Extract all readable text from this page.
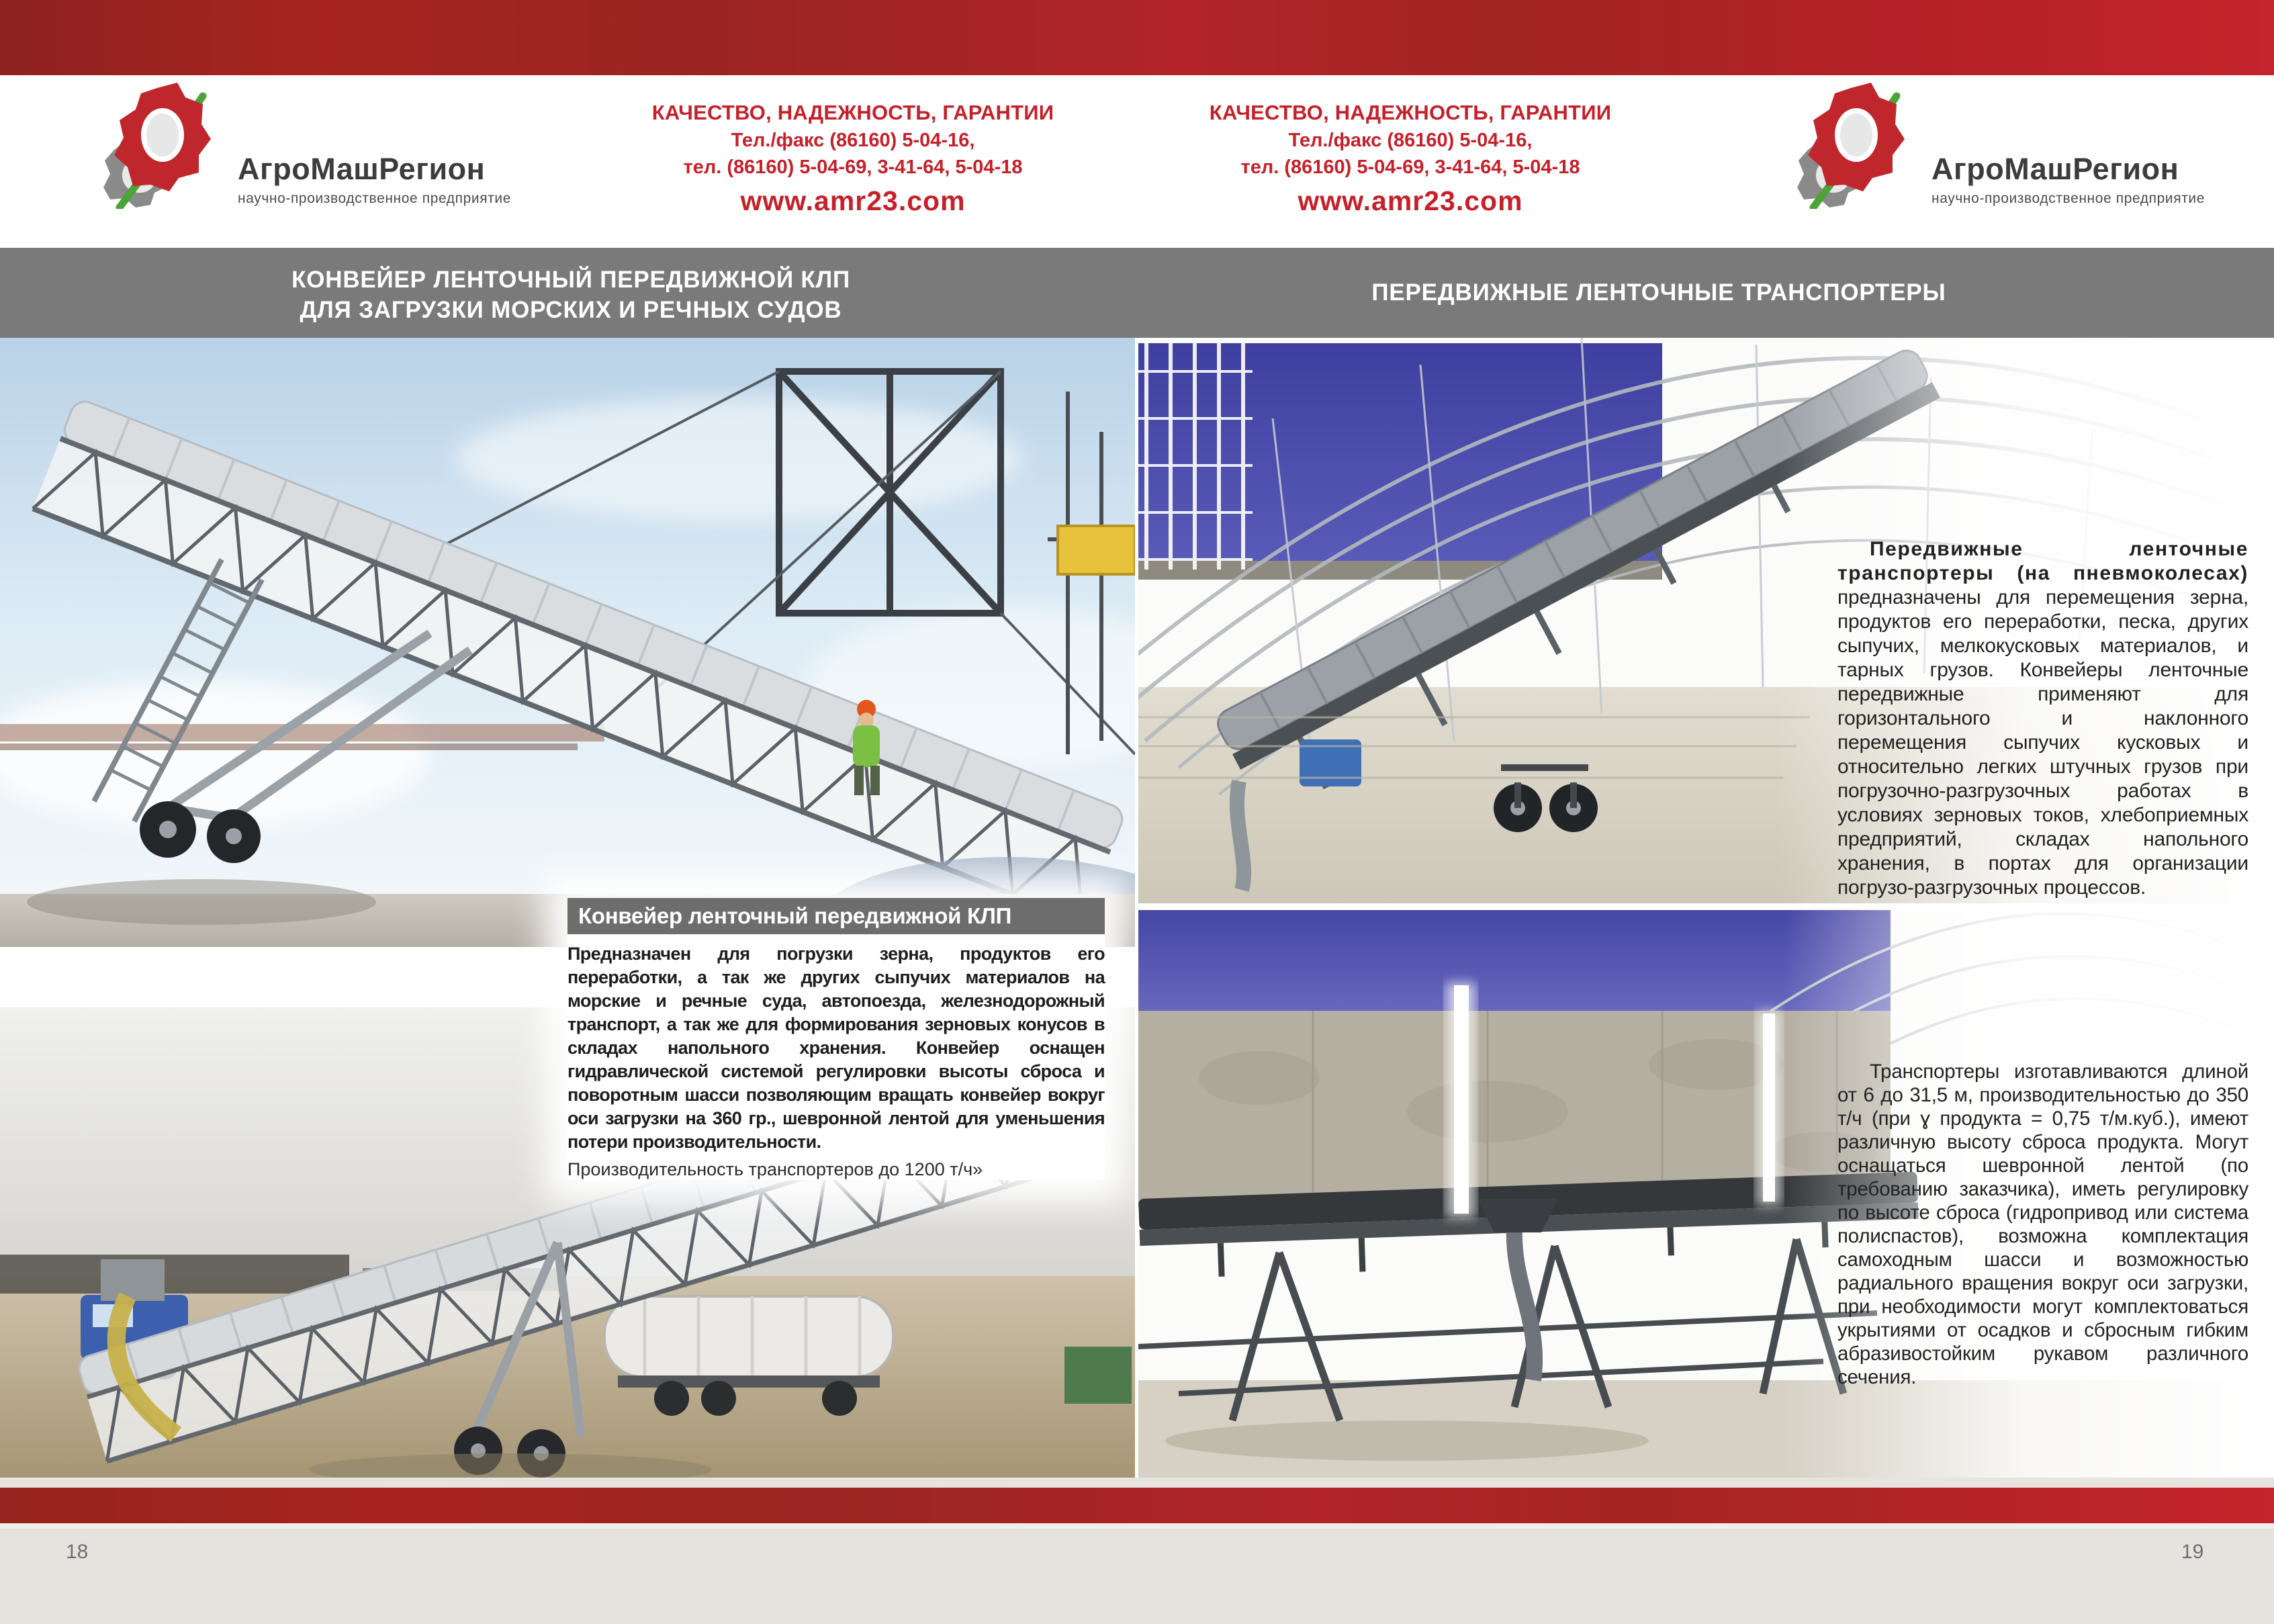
АгроМашРегион
научно-производственное предприятие
КАЧЕСТВО, НАДЕЖНОСТЬ, ГАРАНТИИ
Тел./факс (86160) 5-04-16,
тел. (86160) 5-04-69, 3-41-64, 5-04-18
www.amr23.com
КАЧЕСТВО, НАДЕЖНОСТЬ, ГАРАНТИИ
Тел./факс (86160) 5-04-16,
тел. (86160) 5-04-69, 3-41-64, 5-04-18
www.amr23.com
АгроМашРегион
научно-производственное предприятие
КОНВЕЙЕР ЛЕНТОЧНЫЙ ПЕРЕДВИЖНОЙ КЛП
ДЛЯ ЗАГРУЗКИ МОРСКИХ И РЕЧНЫХ СУДОВ
ПЕРЕДВИЖНЫЕ ЛЕНТОЧНЫЕ ТРАНСПОРТЕРЫ
Конвейер ленточный передвижной КЛП
Предназначен для погрузки зерна, продуктов его переработки, а так же других сыпучих материалов на морские и речные суда, автопоезда, железнодорожный транспорт, а так же для формирования зерновых конусов в складах напольного хранения. Конвейер оснащен гидравлической системой регулировки высоты сброса и поворотным шасси позволяющим вращать конвейер вокруг оси загрузки на 360 гр., шевронной лентой для уменьшения потери производительности.
Производительность транспортеров до 1200 т/ч»

Передвижные ленточные транспортеры (на пневмоколесах) предназначены для перемещения зерна, продуктов его переработки, песка, других сыпучих, мелкокусковых материалов, и тарных грузов. Конвейеры ленточные передвижные применяют для горизонтального и наклонного перемещения сыпучих кусковых и относительно легких штучных грузов при погрузочно-разгрузочных работах в условиях зерновых токов, хлебоприемных предприятий, складах напольного хранения, в портах для организации погрузо-разгрузочных процессов.

Транспортеры изготавливаются длиной от 6 до 31,5 м, производительностью до 350 т/ч (при ɣ продукта = 0,75 т/м.куб.), имеют различную высоту сброса продукта. Могут оснащаться шевронной лентой (по требованию заказчика), иметь регулировку по высоте сброса (гидропривод или система полиспастов), возможна комплектация самоходным шасси и возможностью радиального вращения вокруг оси загрузки, при необходимости могут комплектоваться укрытиями от осадков и сбросным гибким абразивостойким рукавом различного сечения.

18	19
